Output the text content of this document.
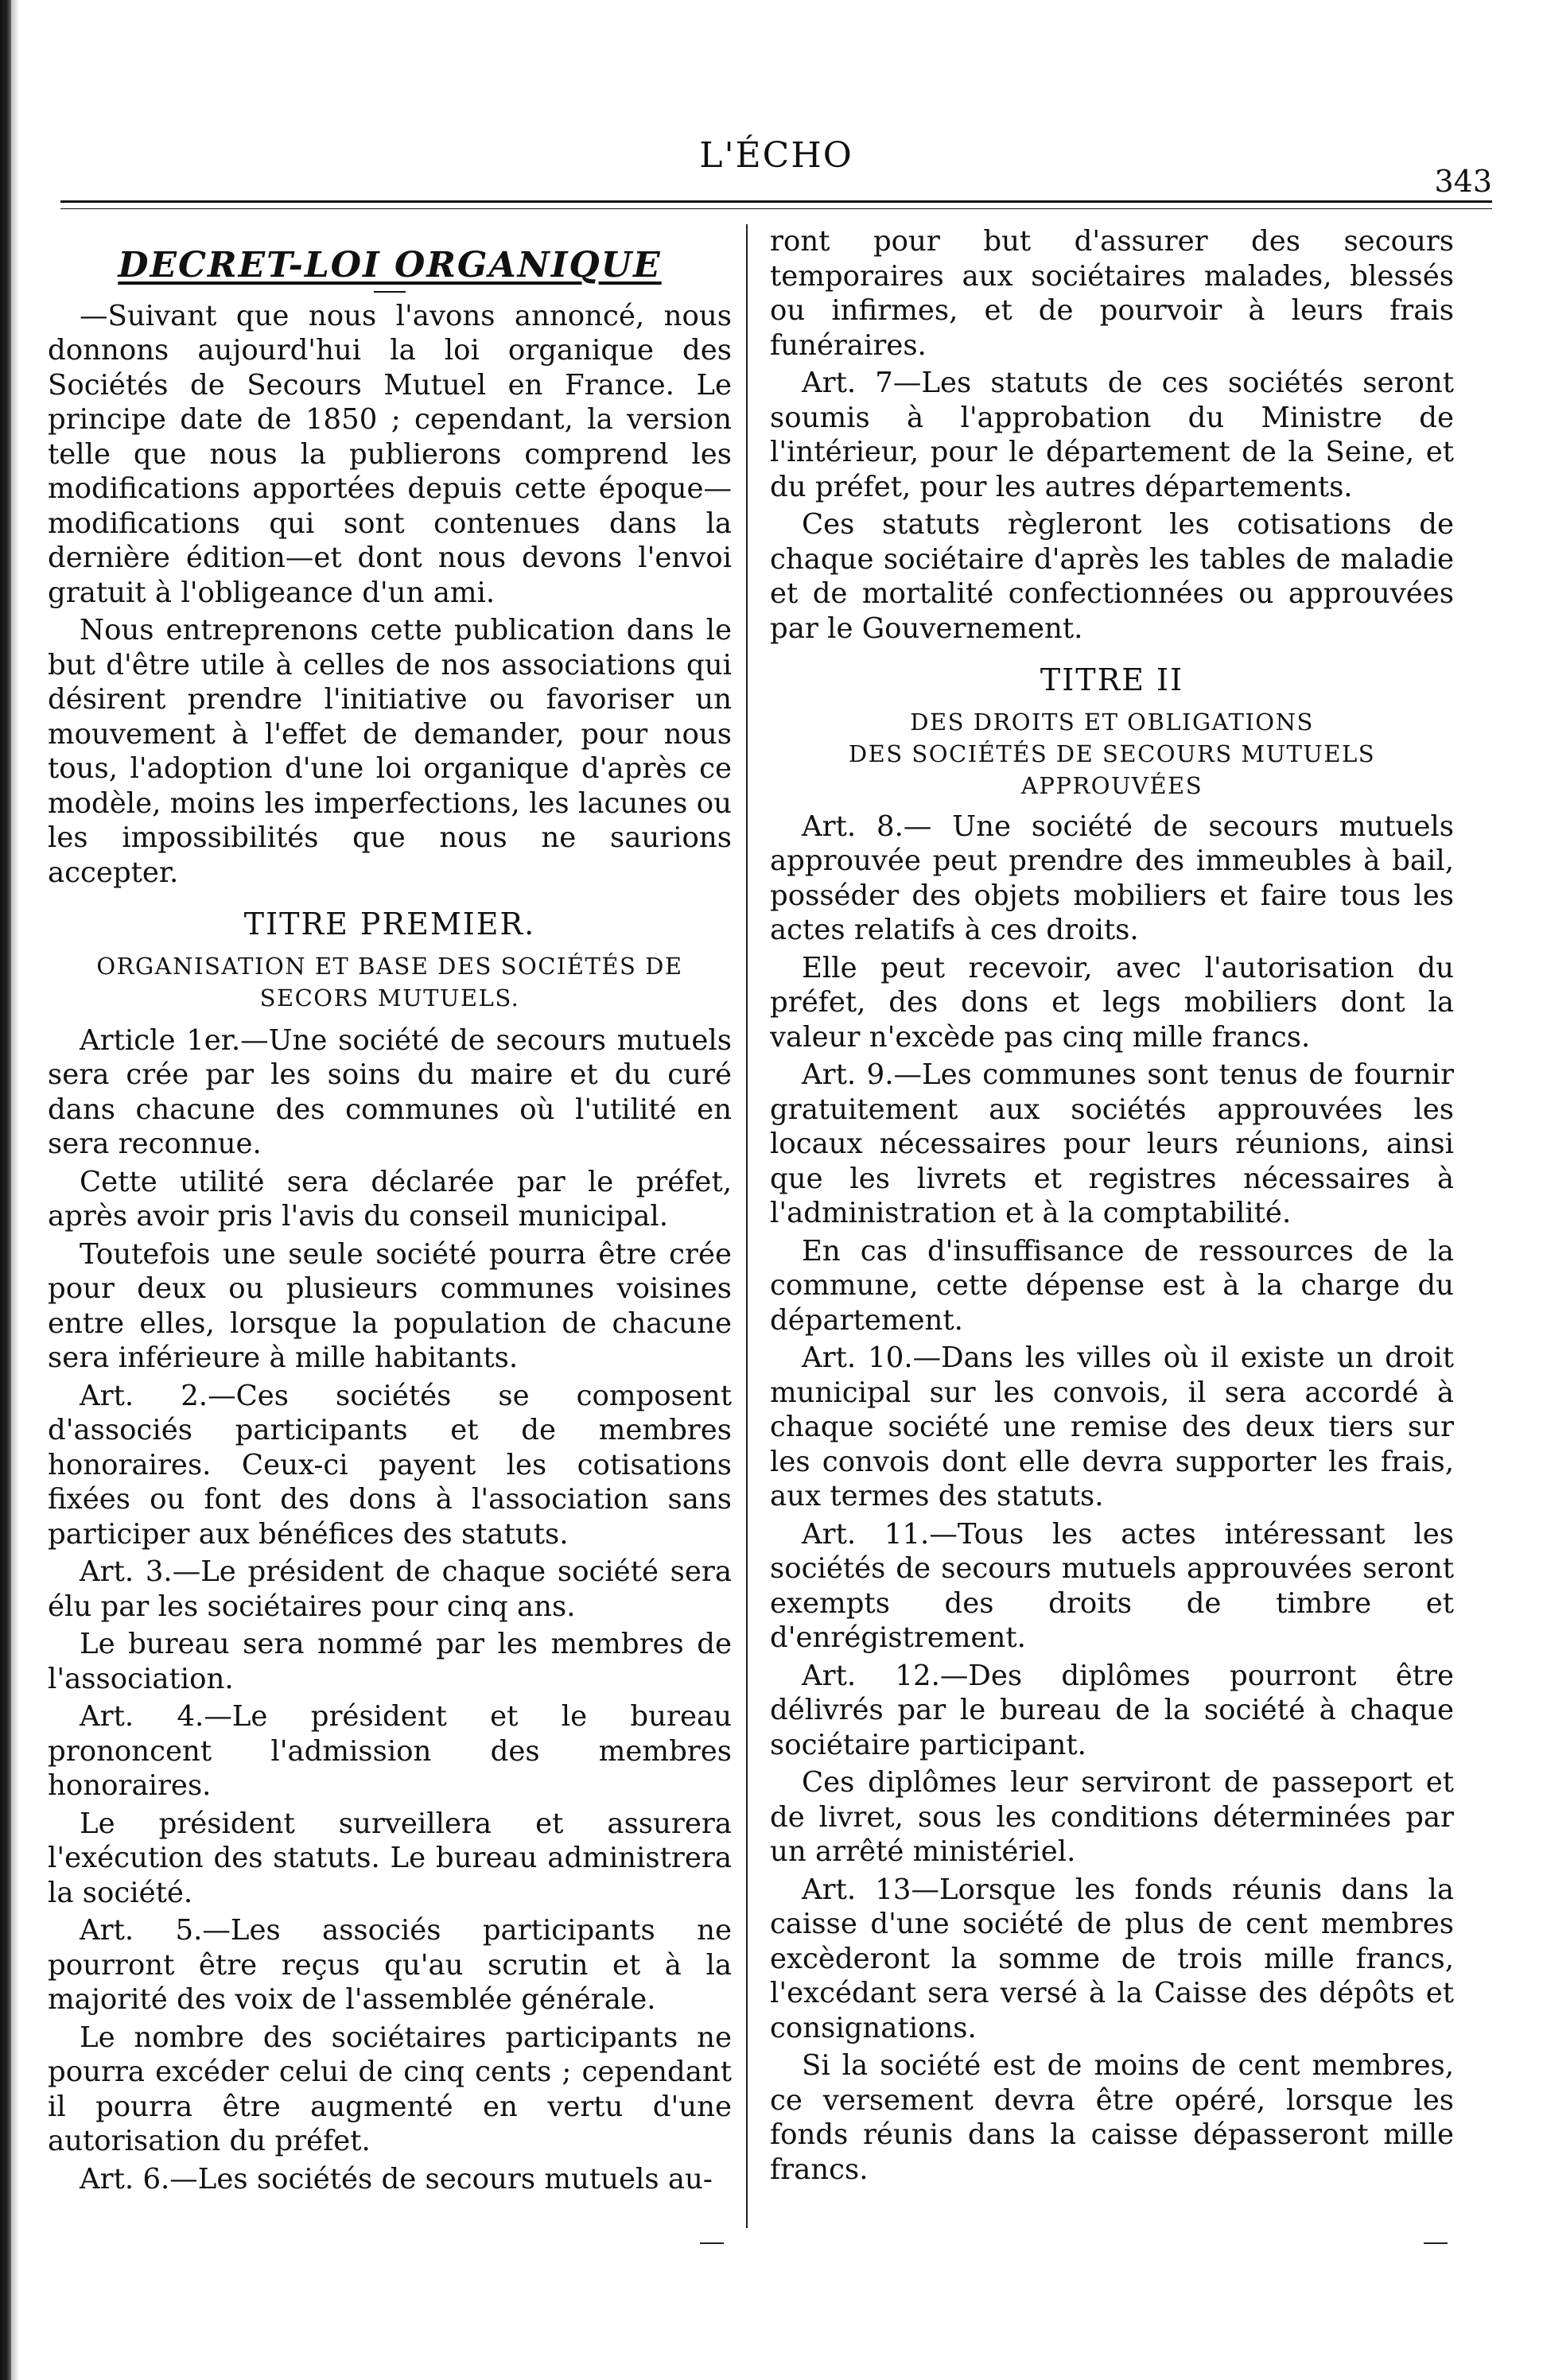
L'ÉCHO
343
DECRET-LOI ORGANIQUE

—Suivant que nous l'avons annoncé, nous donnons aujourd'hui la loi organique des Sociétés de Secours Mutuel en France. Le principe date de 1850 ; cependant, la version telle que nous la publierons comprend les modifications apportées depuis cette époque—modifications qui sont contenues dans la dernière édition—et dont nous devons l'envoi gratuit à l'obligeance d'un ami.

Nous entreprenons cette publication dans le but d'être utile à celles de nos associations qui désirent prendre l'initiative ou favoriser un mouvement à l'effet de demander, pour nous tous, l'adoption d'une loi organique d'après ce modèle, moins les imperfections, les lacunes ou les impossibilités que nous ne saurions accepter.

TITRE PREMIER.
ORGANISATION ET BASE DES SOCIÉTÉS DE SECORS MUTUELS.

Article 1er.—Une société de secours mutuels sera crée par les soins du maire et du curé dans chacune des communes où l'utilité en sera reconnue.

Cette utilité sera déclarée par le préfet, après avoir pris l'avis du conseil municipal.

Toutefois une seule société pourra être crée pour deux ou plusieurs communes voisines entre elles, lorsque la population de chacune sera inférieure à mille habitants.

Art. 2.—Ces sociétés se composent d'associés participants et de membres honoraires. Ceux-ci payent les cotisations fixées ou font des dons à l'association sans participer aux bénéfices des statuts.

Art. 3.—Le président de chaque société sera élu par les sociétaires pour cinq ans.

Le bureau sera nommé par les membres de l'association.

Art. 4.—Le président et le bureau prononcent l'admission des membres honoraires.

Le président surveillera et assurera l'exécution des statuts. Le bureau administrera la société.

Art. 5.—Les associés participants ne pourront être reçus qu'au scrutin et à la majorité des voix de l'assemblée générale.

Le nombre des sociétaires participants ne pourra excéder celui de cinq cents ; cependant il pourra être augmenté en vertu d'une autorisation du préfet.

Art. 6.—Les sociétés de secours mutuels au-

ront pour but d'assurer des secours temporaires aux sociétaires malades, blessés ou infirmes, et de pourvoir à leurs frais funéraires.

Art. 7—Les statuts de ces sociétés seront soumis à l'approbation du Ministre de l'intérieur, pour le département de la Seine, et du préfet, pour les autres départements.

Ces statuts règleront les cotisations de chaque sociétaire d'après les tables de maladie et de mortalité confectionnées ou approuvées par le Gouvernement.

TITRE II
DES DROITS ET OBLIGATIONS
DES SOCIÉTÉS DE SECOURS MUTUELS
APPROUVÉES

Art. 8.— Une société de secours mutuels approuvée peut prendre des immeubles à bail, posséder des objets mobiliers et faire tous les actes relatifs à ces droits.

Elle peut recevoir, avec l'autorisation du préfet, des dons et legs mobiliers dont la valeur n'excède pas cinq mille francs.

Art. 9.—Les communes sont tenus de fournir gratuitement aux sociétés approuvées les locaux nécessaires pour leurs réunions, ainsi que les livrets et registres nécessaires à l'administration et à la comptabilité.

En cas d'insuffisance de ressources de la commune, cette dépense est à la charge du département.

Art. 10.—Dans les villes où il existe un droit municipal sur les convois, il sera accordé à chaque société une remise des deux tiers sur les convois dont elle devra supporter les frais, aux termes des statuts.

Art. 11.—Tous les actes intéressant les sociétés de secours mutuels approuvées seront exempts des droits de timbre et d'enrégistrement.

Art. 12.—Des diplômes pourront être délivrés par le bureau de la société à chaque sociétaire participant.

Ces diplômes leur serviront de passeport et de livret, sous les conditions déterminées par un arrêté ministériel.

Art. 13—Lorsque les fonds réunis dans la caisse d'une société de plus de cent membres excèderont la somme de trois mille francs, l'excédant sera versé à la Caisse des dépôts et consignations.

Si la société est de moins de cent membres, ce versement devra être opéré, lorsque les fonds réunis dans la caisse dépasseront mille francs.
